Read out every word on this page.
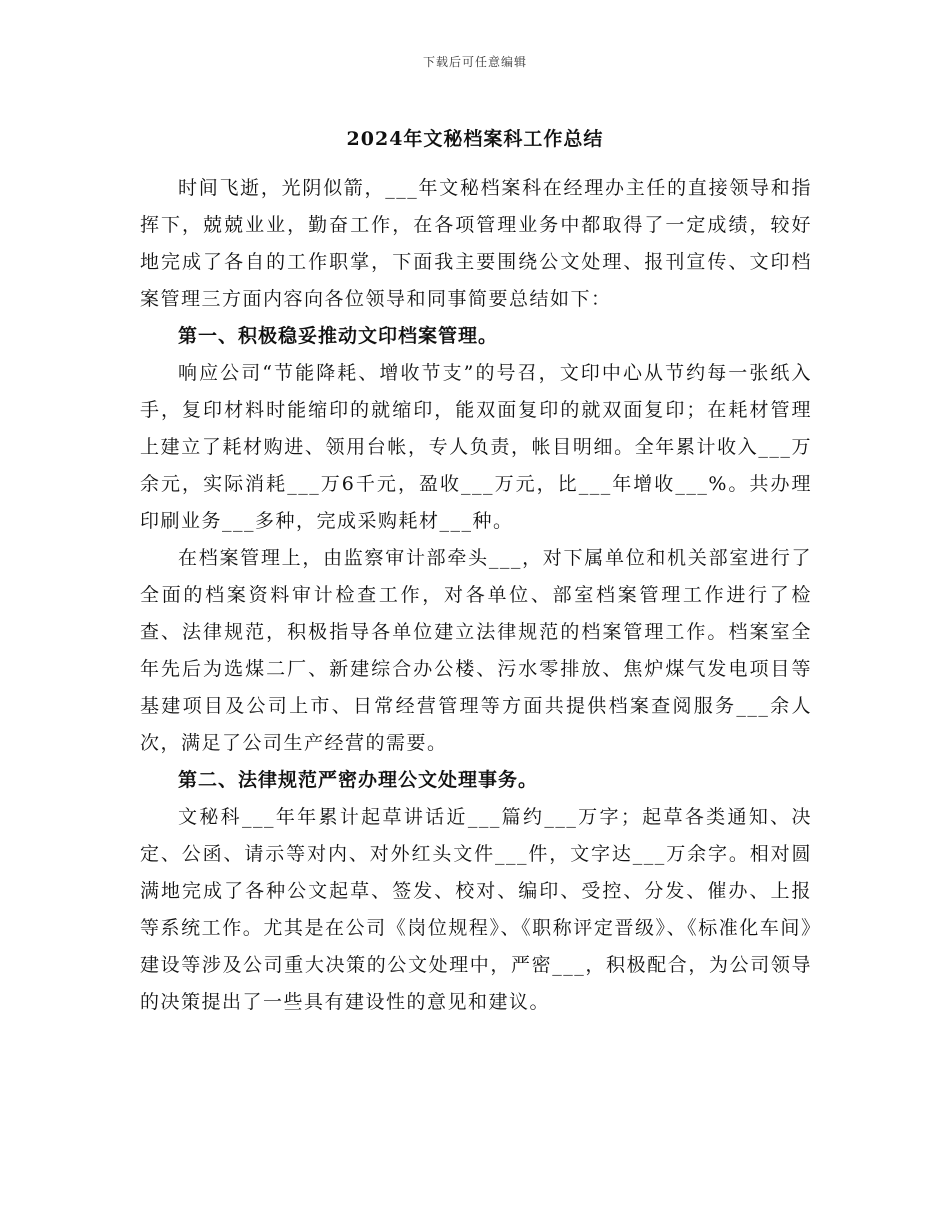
下载后可任意编辑
2024年文秘档案科工作总结

时间飞逝，光阴似箭，___年文秘档案科在经理办主任的直接领导和指挥下，兢兢业业，勤奋工作，在各项管理业务中都取得了一定成绩，较好地完成了各自的工作职掌，下面我主要围绕公文处理、报刊宣传、文印档案管理三方面内容向各位领导和同事简要总结如下：

第一、积极稳妥推动文印档案管理。

响应公司“节能降耗、增收节支”的号召，文印中心从节约每一张纸入手，复印材料时能缩印的就缩印，能双面复印的就双面复印；在耗材管理上建立了耗材购进、领用台帐，专人负责，帐目明细。全年累计收入___万余元，实际消耗___万6千元，盈收___万元，比___年增收___%。共办理印刷业务___多种，完成采购耗材___种。

在档案管理上，由监察审计部牵头___，对下属单位和机关部室进行了全面的档案资料审计检查工作，对各单位、部室档案管理工作进行了检查、法律规范，积极指导各单位建立法律规范的档案管理工作。档案室全年先后为选煤二厂、新建综合办公楼、污水零排放、焦炉煤气发电项目等基建项目及公司上市、日常经营管理等方面共提供档案查阅服务___余人次，满足了公司生产经营的需要。

第二、法律规范严密办理公文处理事务。

文秘科___年年累计起草讲话近___篇约___万字；起草各类通知、决定、公函、请示等对内、对外红头文件___件，文字达___万余字。相对圆满地完成了各种公文起草、签发、校对、编印、受控、分发、催办、上报等系统工作。尤其是在公司《岗位规程》、《职称评定晋级》、《标准化车间》建设等涉及公司重大决策的公文处理中，严密___，积极配合，为公司领导的决策提出了一些具有建设性的意见和建议。
